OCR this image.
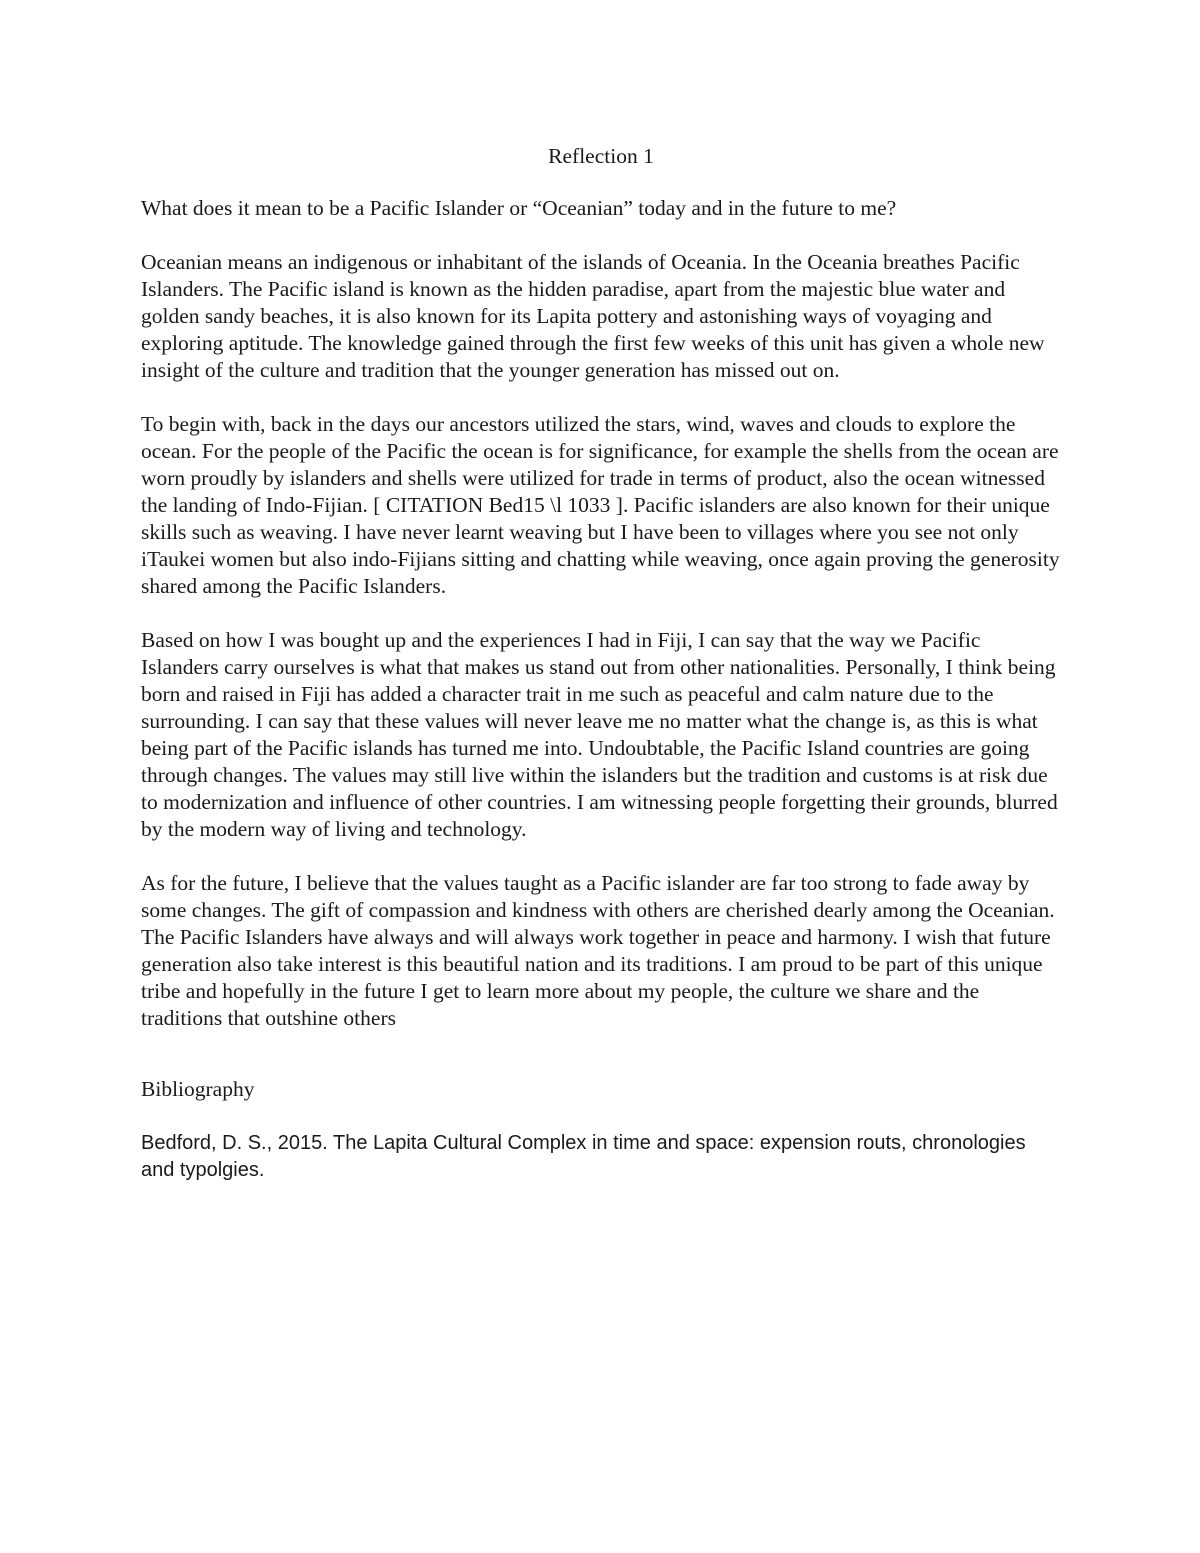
Reflection 1

What does it mean to be a Pacific Islander or “Oceanian” today and in the future to me?

Oceanian means an indigenous or inhabitant of the islands of Oceania. In the Oceania breathes Pacific Islanders. The Pacific island is known as the hidden paradise, apart from the majestic blue water and golden sandy beaches, it is also known for its Lapita pottery and astonishing ways of voyaging and exploring aptitude. The knowledge gained through the first few weeks of this unit has given a whole new insight of the culture and tradition that the younger generation has missed out on.

To begin with, back in the days our ancestors utilized the stars, wind, waves and clouds to explore the ocean. For the people of the Pacific the ocean is for significance, for example the shells from the ocean are worn proudly by islanders and shells were utilized for trade in terms of product, also the ocean witnessed the landing of Indo-Fijian. [ CITATION Bed15 \l 1033 ]. Pacific islanders are also known for their unique skills such as weaving. I have never learnt weaving but I have been to villages where you see not only iTaukei women but also indo-Fijians sitting and chatting while weaving, once again proving the generosity shared among the Pacific Islanders.

Based on how I was bought up and the experiences I had in Fiji, I can say that the way we Pacific Islanders carry ourselves is what that makes us stand out from other nationalities. Personally, I think being born and raised in Fiji has added a character trait in me such as peaceful and calm nature due to the surrounding. I can say that these values will never leave me no matter what the change is, as this is what being part of the Pacific islands has turned me into. Undoubtable, the Pacific Island countries are going through changes. The values may still live within the islanders but the tradition and customs is at risk due to modernization and influence of other countries. I am witnessing people forgetting their grounds, blurred by the modern way of living and technology.

As for the future, I believe that the values taught as a Pacific islander are far too strong to fade away by some changes. The gift of compassion and kindness with others are cherished dearly among the Oceanian. The Pacific Islanders have always and will always work together in peace and harmony. I wish that future generation also take interest is this beautiful nation and its traditions. I am proud to be part of this unique tribe and hopefully in the future I get to learn more about my people, the culture we share and the traditions that outshine others

Bibliography

Bedford, D. S., 2015. The Lapita Cultural Complex in time and space: expension routs, chronologies and typolgies.
